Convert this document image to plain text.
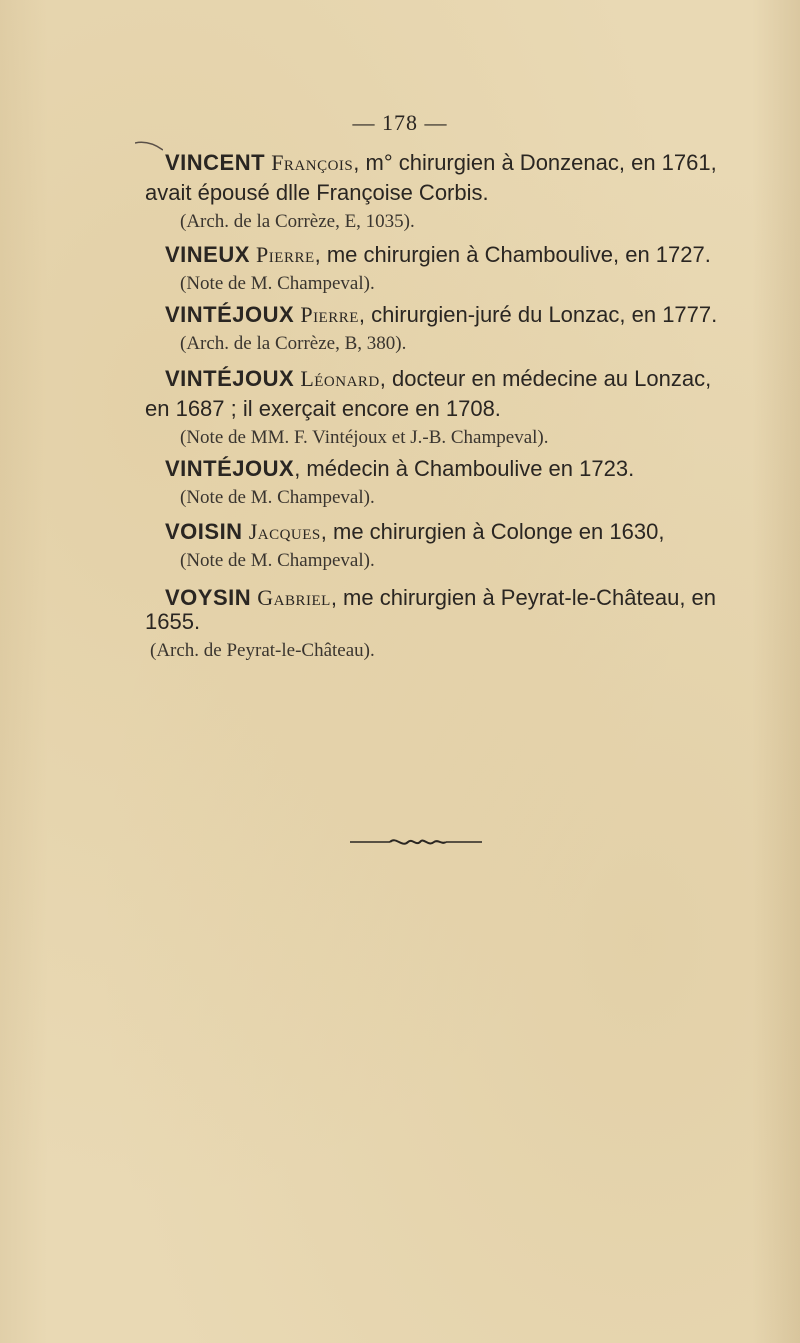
— 178 —
VINCENT François, m° chirurgien à Donzenac, en 1761,
avait épousé dlle Françoise Corbis.
(Arch. de la Corrèze, E, 1035).
VINEUX Pierre, me chirurgien à Chamboulive, en 1727.
(Note de M. Champeval).
VINTÉJOUX Pierre, chirurgien-juré du Lonzac, en 1777.
(Arch. de la Corrèze, B, 380).
VINTÉJOUX Léonard, docteur en médecine au Lonzac,
en 1687 ; il exerçait encore en 1708.
(Note de MM. F. Vintéjoux et J.-B. Champeval).
VINTÉJOUX, médecin à Chamboulive en 1723.
(Note de M. Champeval).
VOISIN Jacques, me chirurgien à Colonge en 1630,
(Note de M. Champeval).
VOYSIN Gabriel, me chirurgien à Peyrat-le-Château, en
1655.
(Arch. de Peyrat-le-Château).
